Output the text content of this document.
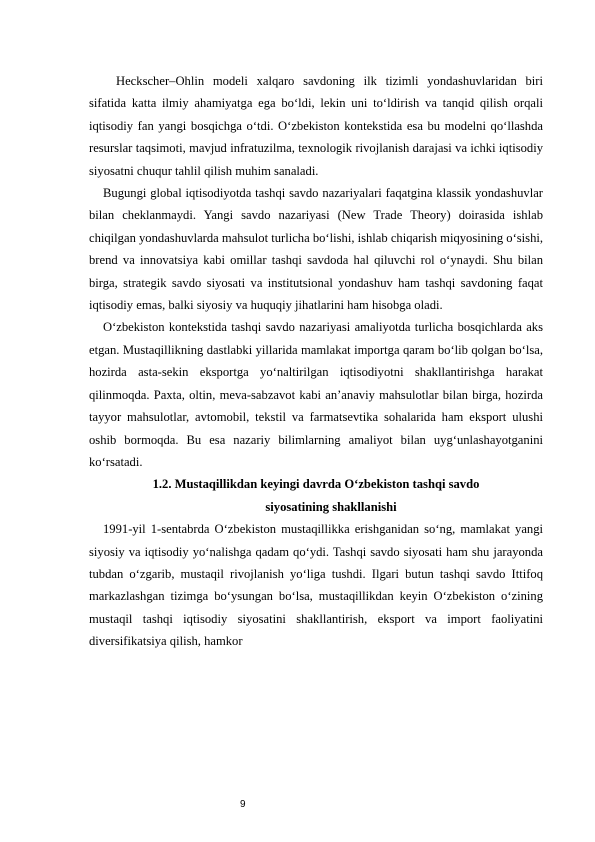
Heckscher–Ohlin modeli xalqaro savdoning ilk tizimli yondashuvlaridan biri sifatida katta ilmiy ahamiyatga ega bo‘ldi, lekin uni to‘ldirish va tanqid qilish orqali iqtisodiy fan yangi bosqichga o‘tdi. O‘zbekiston kontekstida esa bu modelni qo‘llashda resurslar taqsimoti, mavjud infratuzilma, texnologik rivojlanish darajasi va ichki iqtisodiy siyosatni chuqur tahlil qilish muhim sanaladi.

Bugungi global iqtisodiyotda tashqi savdo nazariyalari faqatgina klassik yondashuvlar bilan cheklanmaydi. Yangi savdo nazariyasi (New Trade Theory) doirasida ishlab chiqilgan yondashuvlarda mahsulot turlicha bo‘lishi, ishlab chiqarish miqyosining o‘sishi, brend va innovatsiya kabi omillar tashqi savdoda hal qiluvchi rol o‘ynaydi. Shu bilan birga, strategik savdo siyosati va institutsional yondashuv ham tashqi savdoning faqat iqtisodiy emas, balki siyosiy va huquqiy jihatlarini ham hisobga oladi.

O‘zbekiston kontekstida tashqi savdo nazariyasi amaliyotda turlicha bosqichlarda aks etgan. Mustaqillikning dastlabki yillarida mamlakat importga qaram bo‘lib qolgan bo‘lsa, hozirda asta-sekin eksportga yo‘naltirilgan iqtisodiyotni shakllantirishga harakat qilinmoqda. Paxta, oltin, meva-sabzavot kabi an’anaviy mahsulotlar bilan birga, hozirda tayyor mahsulotlar, avtomobil, tekstil va farmatsevtika sohalarida ham eksport ulushi oshib bormoqda. Bu esa nazariy bilimlarning amaliyot bilan uyg‘unlashayotganini ko‘rsatadi.

1.2. Mustaqillikdan keyingi davrda O‘zbekiston tashqi savdo
siyosatining shakllanishi

1991-yil 1-sentabrda O‘zbekiston mustaqillikka erishganidan so‘ng, mamlakat yangi siyosiy va iqtisodiy yo‘nalishga qadam qo‘ydi. Tashqi savdo siyosati ham shu jarayonda tubdan o‘zgarib, mustaqil rivojlanish yo‘liga tushdi. Ilgari butun tashqi savdo Ittifoq markazlashgan tizimga bo‘ysungan bo‘lsa, mustaqillikdan keyin O‘zbekiston o‘zining mustaqil tashqi iqtisodiy siyosatini shakllantirish, eksport va import faoliyatini diversifikatsiya qilish, hamkor

9
